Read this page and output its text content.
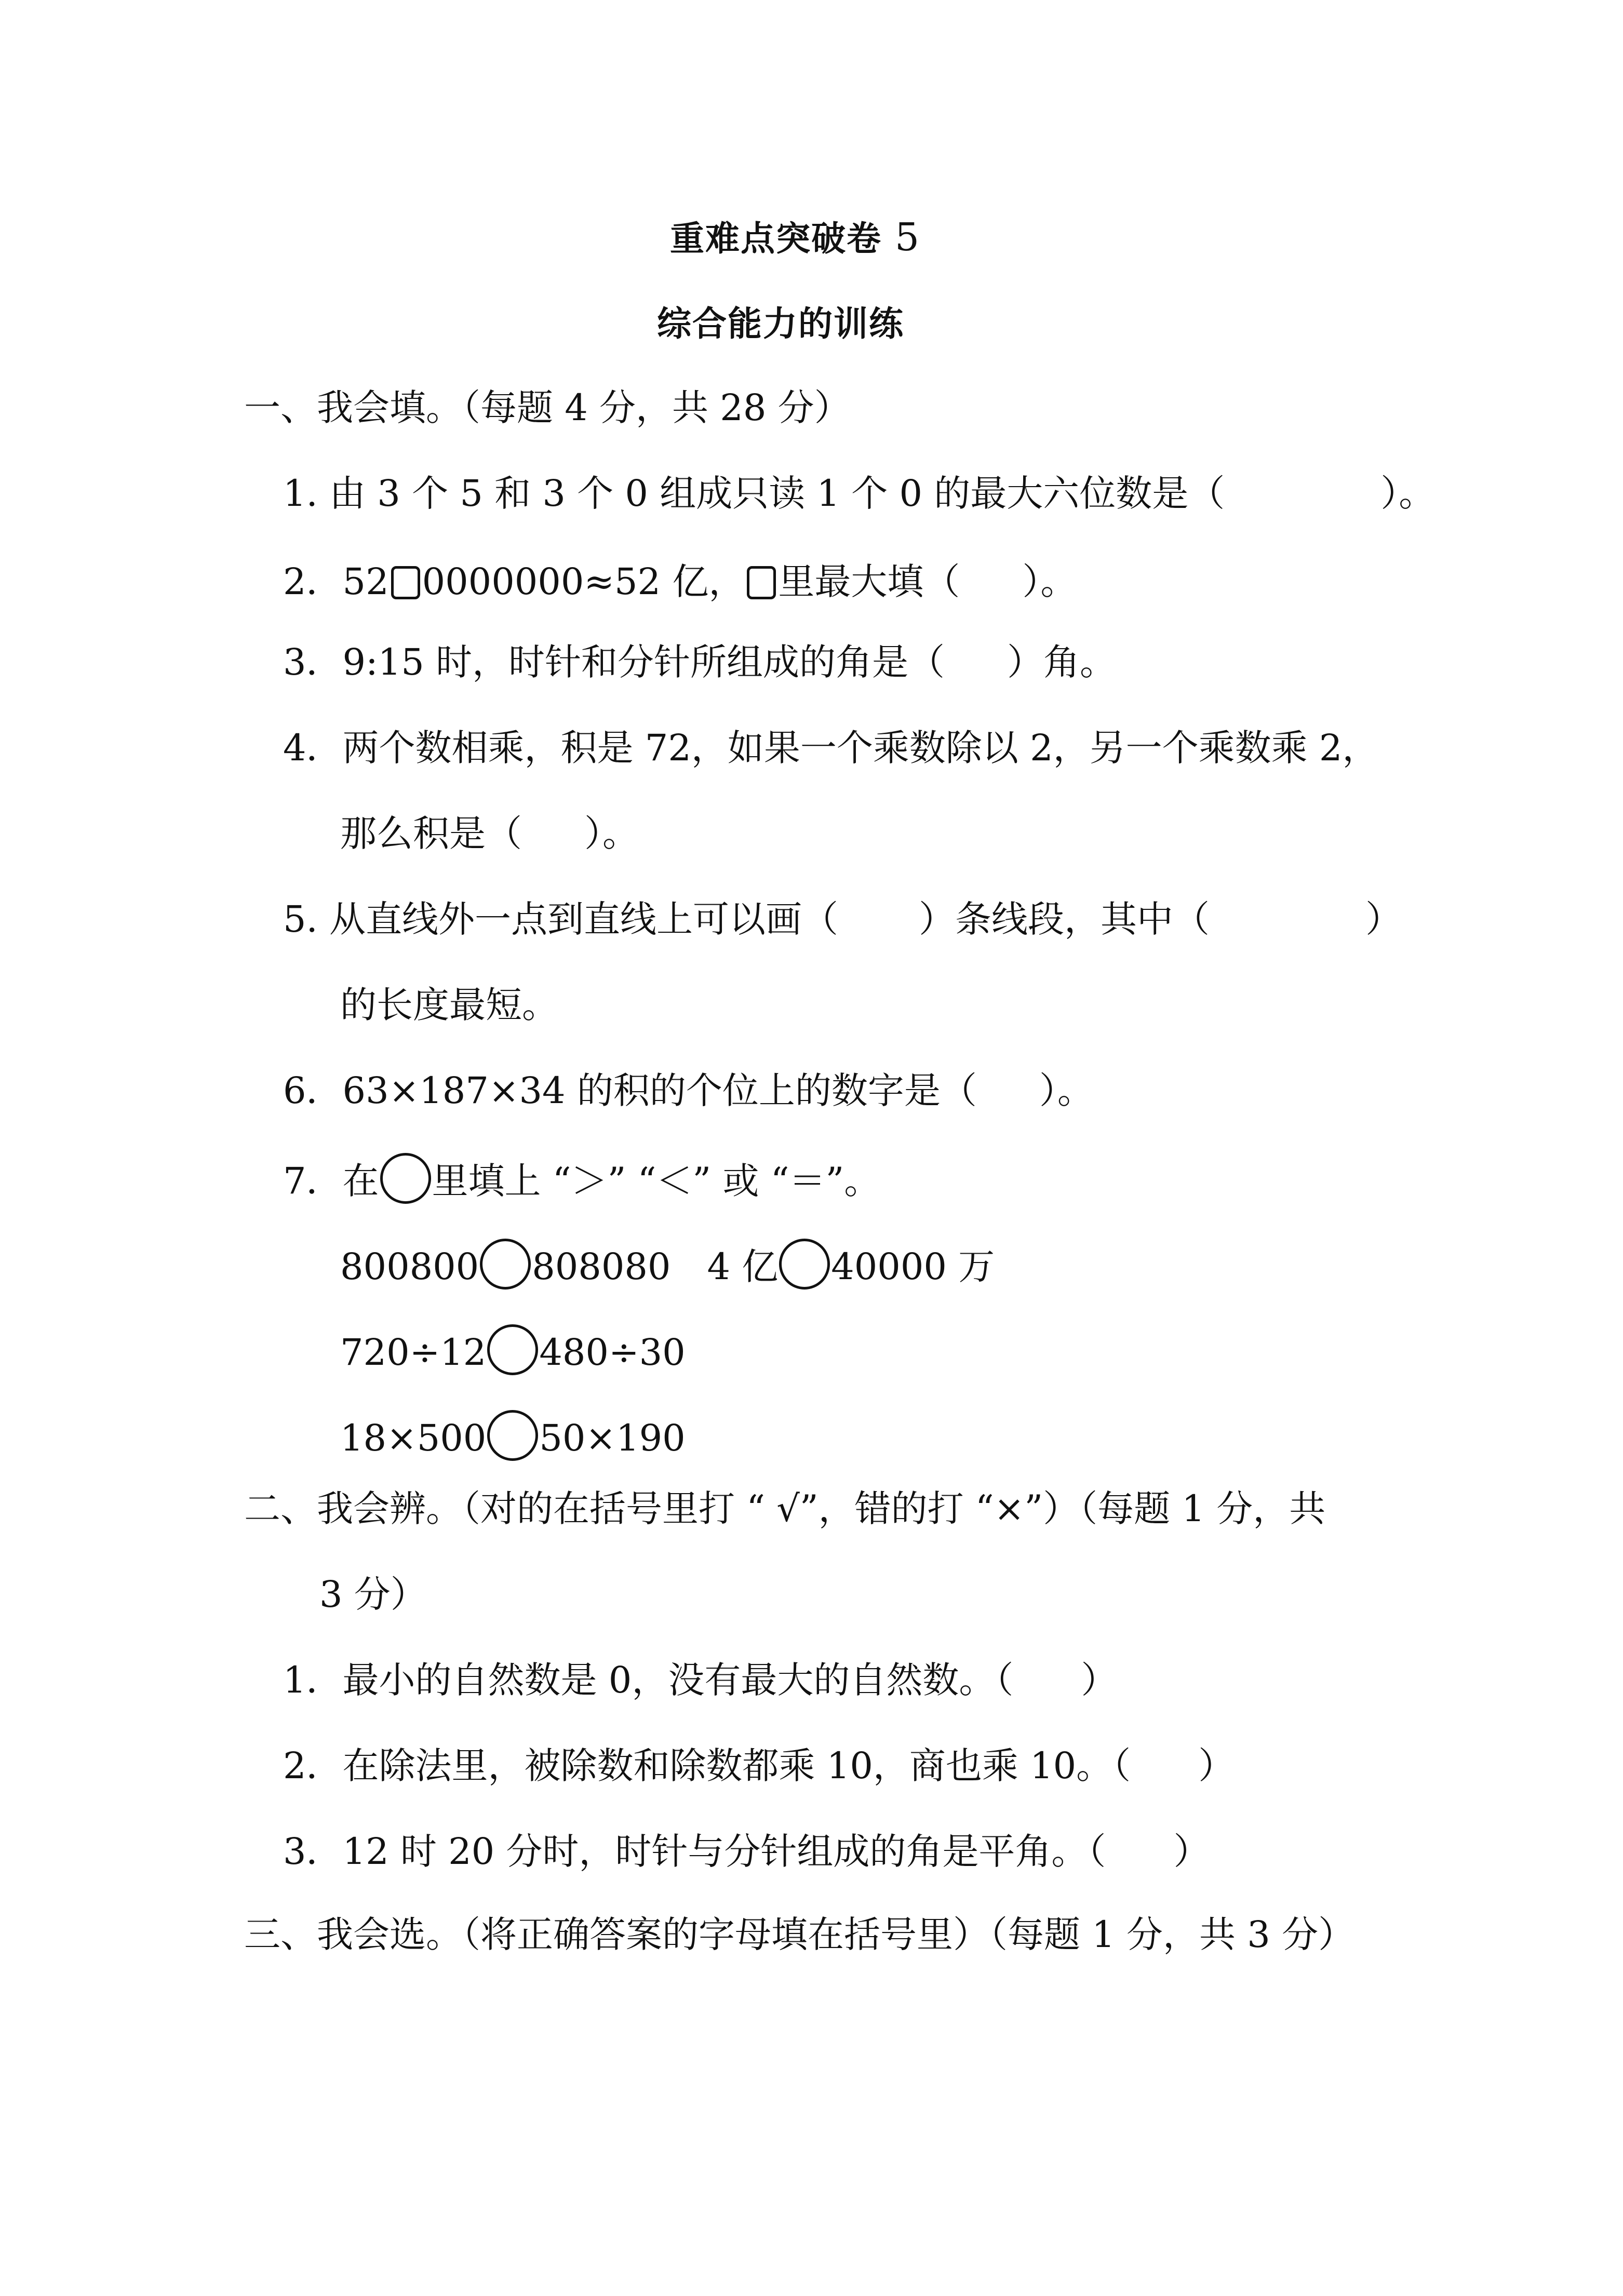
重难点突破卷 5
综合能力的训练
一、我会填。（每题 4 分，共 28 分）
1. 由 3 个 5 和 3 个 0 组成只读 1 个 0 的最大六位数是（	）。
2．52 0000000≈52 亿， 里最大填（ ）。
3．9:15 时，时针和分针所组成的角是（ ）角。
4．两个数相乘，积是 72，如果一个乘数除以 2，另一个乘数乘 2，
那么积是（ ）。
5. 从直线外一点到直线上可以画（ ）条线段，其中（	）
的长度最短。
6．63×187×34 的积的个位上的数字是（ ）。
7．在 里填上 “＞” “＜” 或 “＝”。
800800 808080 4 亿 40000 万
720÷12 480÷30
18×500 50×190
二、我会辨。（对的在括号里打 “ √”，错的打 “×”）（每题 1 分，共
3 分）
1．最小的自然数是 0，没有最大的自然数。（ ）
2．在除法里，被除数和除数都乘 10，商也乘 10。（ ）
3．12 时 20 分时，时针与分针组成的角是平角。（ ）
三、我会选。（将正确答案的字母填在括号里）（每题 1 分，共 3 分）
